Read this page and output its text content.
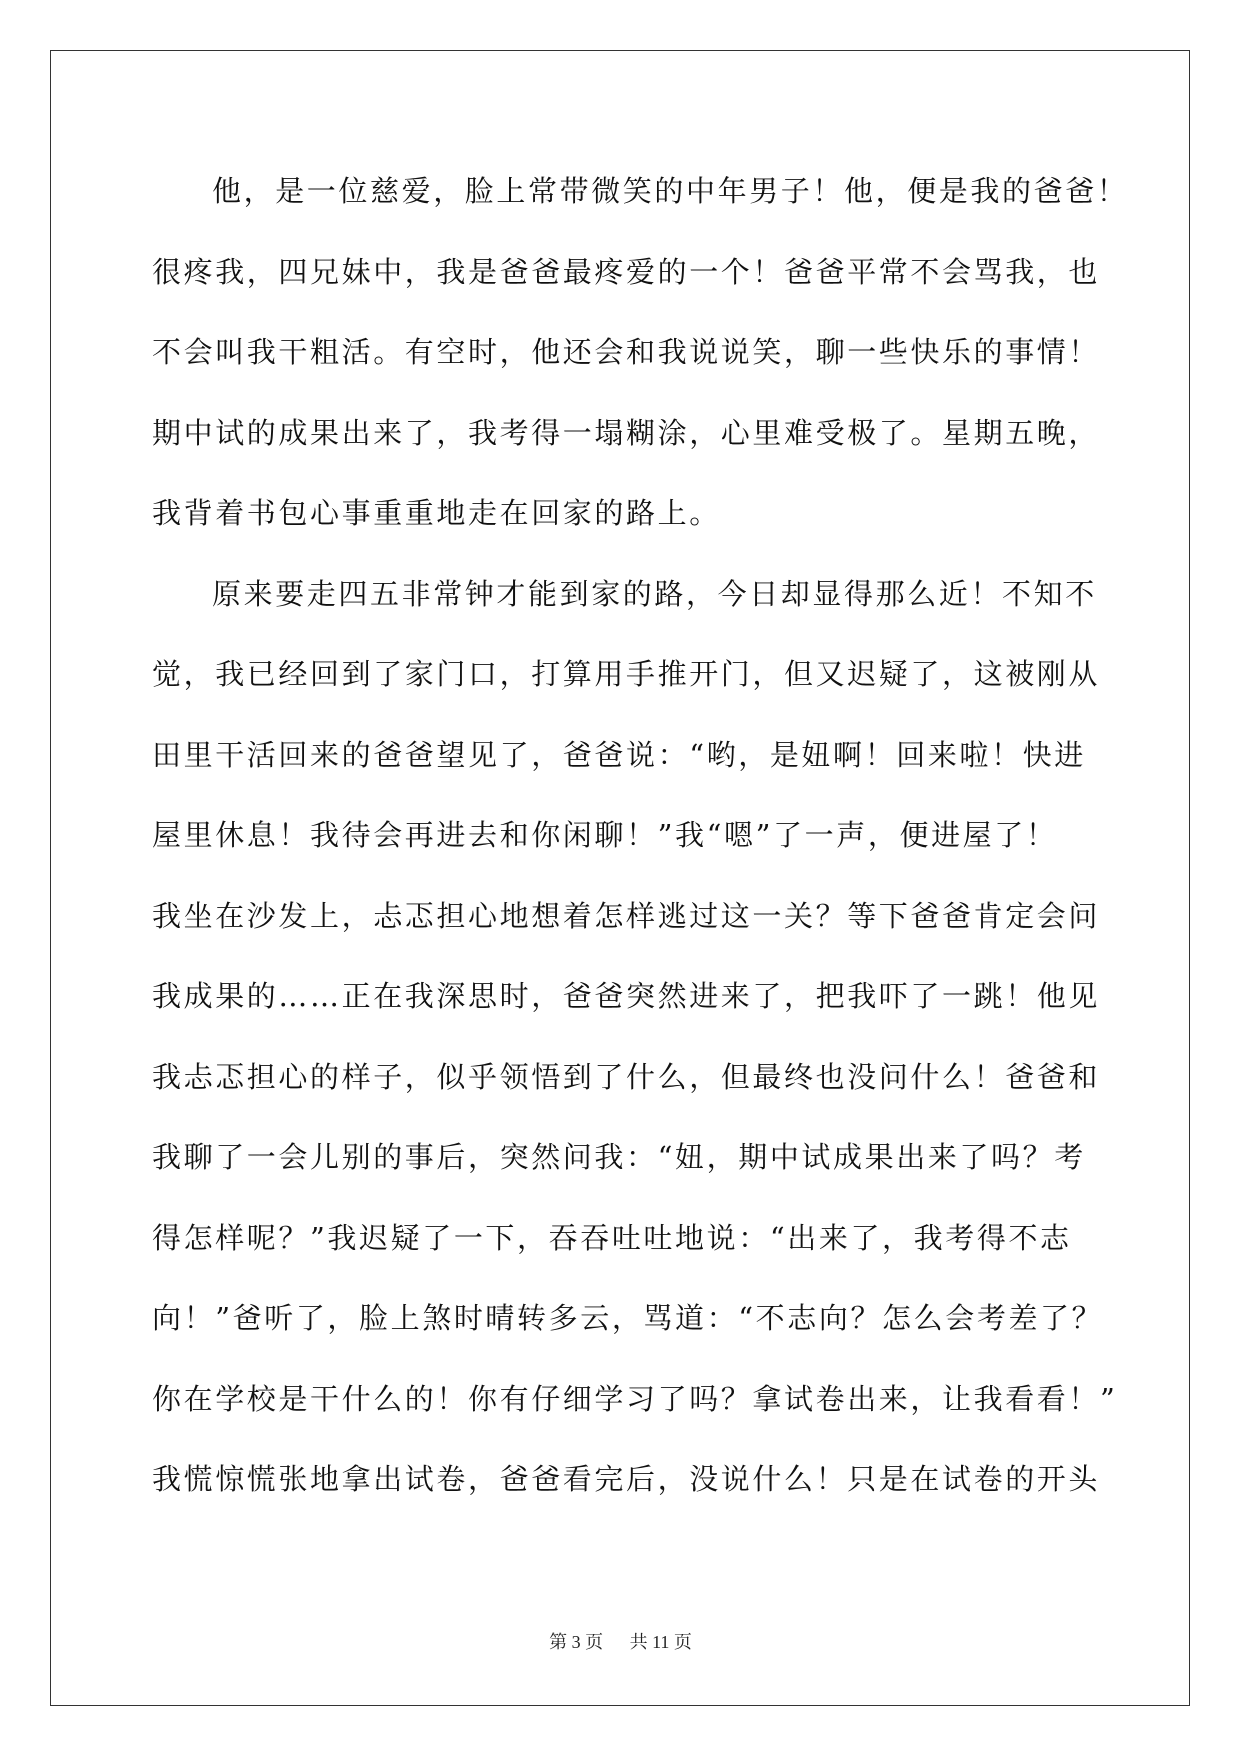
他，是一位慈爱，脸上常带微笑的中年男子！他，便是我的爸爸！
很疼我，四兄妹中，我是爸爸最疼爱的一个！爸爸平常不会骂我，也
不会叫我干粗活。有空时，他还会和我说说笑，聊一些快乐的事情！
期中试的成果出来了，我考得一塌糊涂，心里难受极了。星期五晚，
我背着书包心事重重地走在回家的路上。
原来要走四五非常钟才能到家的路，今日却显得那么近！不知不
觉，我已经回到了家门口，打算用手推开门，但又迟疑了，这被刚从
田里干活回来的爸爸望见了，爸爸说：“哟，是妞啊！回来啦！快进
屋里休息！我待会再进去和你闲聊！”我“嗯”了一声，便进屋了！
我坐在沙发上，忐忑担心地想着怎样逃过这一关？等下爸爸肯定会问
我成果的……正在我深思时，爸爸突然进来了，把我吓了一跳！他见
我忐忑担心的样子，似乎领悟到了什么，但最终也没问什么！爸爸和
我聊了一会儿别的事后，突然问我：“妞，期中试成果出来了吗？考
得怎样呢？”我迟疑了一下，吞吞吐吐地说：“出来了，我考得不志
向！”爸听了，脸上煞时晴转多云，骂道：“不志向？怎么会考差了？
你在学校是干什么的！你有仔细学习了吗？拿试卷出来，让我看看！”
我慌惊慌张地拿出试卷，爸爸看完后，没说什么！只是在试卷的开头
第 3 页 共 11 页
